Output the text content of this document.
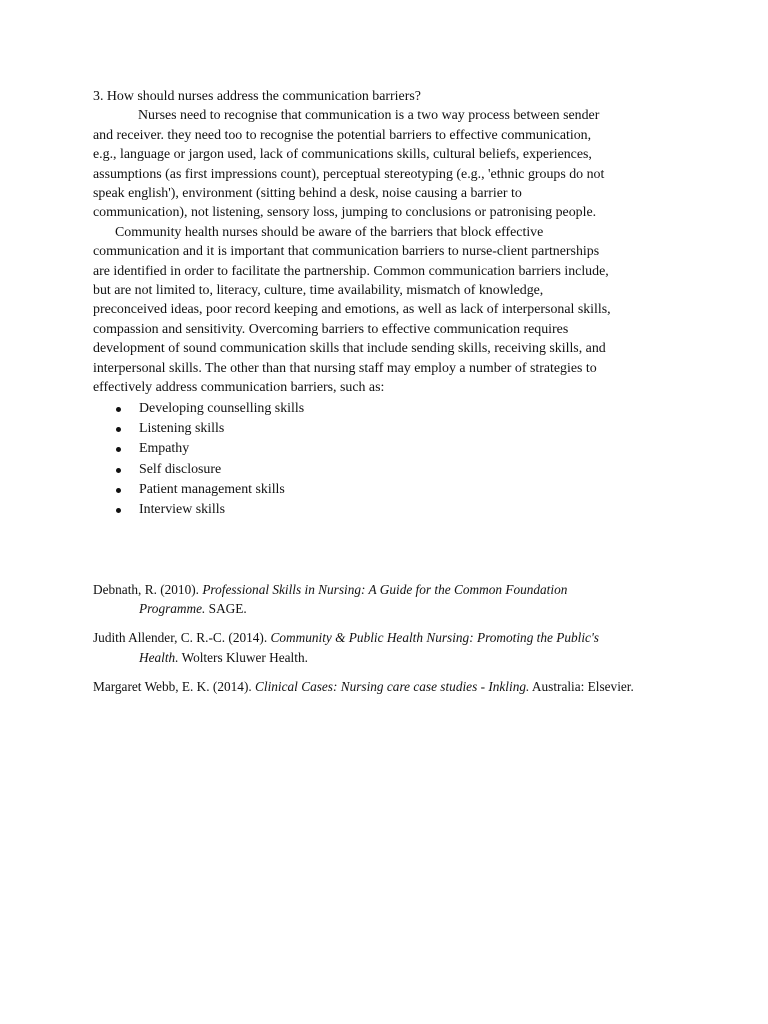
3. How should nurses address the communication barriers?
Nurses need to recognise that communication is a two way process between sender
and receiver. they need too to recognise the potential barriers to effective communication,
e.g., language or jargon used, lack of communications skills, cultural beliefs, experiences,
assumptions (as first impressions count), perceptual stereotyping (e.g., 'ethnic groups do not
speak english'), environment (sitting behind a desk, noise causing a barrier to
communication), not listening, sensory loss, jumping to conclusions or patronising people.
Community health nurses should be aware of the barriers that block effective
communication and it is important that communication barriers to nurse-client partnerships
are identified in order to facilitate the partnership. Common communication barriers include,
but are not limited to, literacy, culture, time availability, mismatch of knowledge,
preconceived ideas, poor record keeping and emotions, as well as lack of interpersonal skills,
compassion and sensitivity. Overcoming barriers to effective communication requires
development of sound communication skills that include sending skills, receiving skills, and
interpersonal skills. The other than that nursing staff may employ a number of strategies to
effectively address communication barriers, such as:
Developing counselling skills
Listening skills
Empathy
Self disclosure
Patient management skills
Interview skills
Debnath, R. (2010). Professional Skills in Nursing: A Guide for the Common Foundation
Programme. SAGE.
Judith Allender, C. R.-C. (2014). Community & Public Health Nursing: Promoting the Public's
Health. Wolters Kluwer Health.
Margaret Webb, E. K. (2014). Clinical Cases: Nursing care case studies - Inkling. Australia: Elsevier.
